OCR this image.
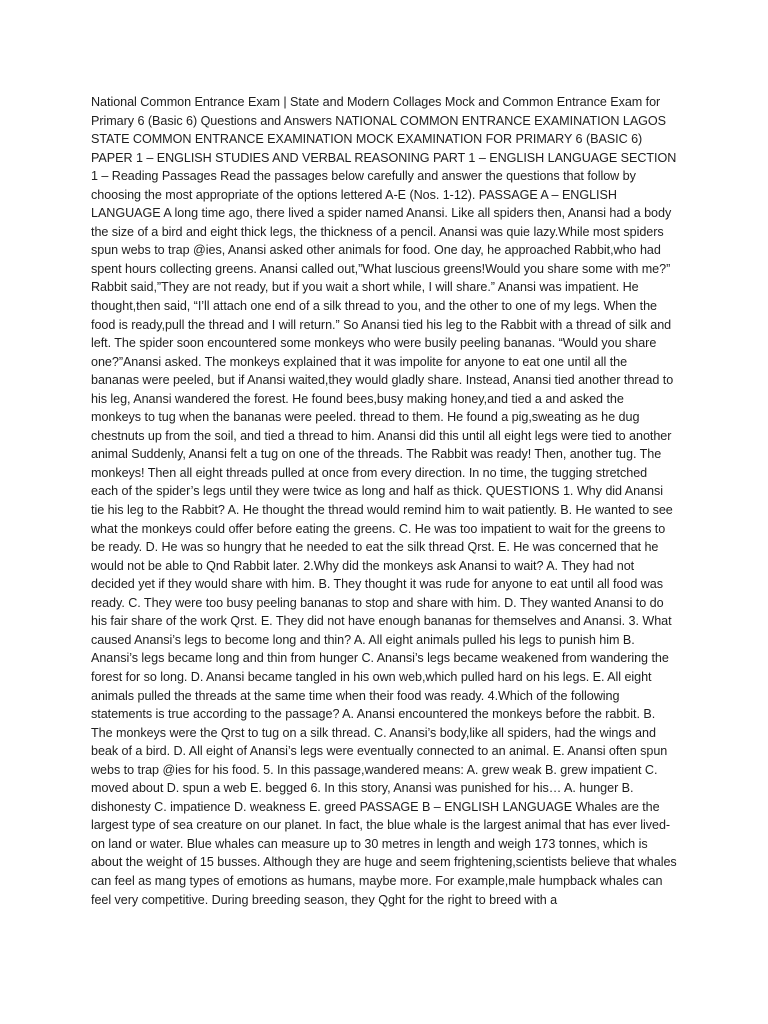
National Common Entrance Exam | State and Modern Collages Mock and Common Entrance Exam for Primary 6 (Basic 6) Questions and Answers NATIONAL COMMON ENTRANCE EXAMINATION LAGOS STATE COMMON ENTRANCE EXAMINATION MOCK EXAMINATION FOR PRIMARY 6 (BASIC 6) PAPER 1 – ENGLISH STUDIES AND VERBAL REASONING PART 1 – ENGLISH LANGUAGE SECTION 1 – Reading Passages Read the passages below carefully and answer the questions that follow by choosing the most appropriate of the options lettered A-E (Nos. 1-12). PASSAGE A – ENGLISH LANGUAGE A long time ago, there lived a spider named Anansi. Like all spiders then, Anansi had a body the size of a bird and eight thick legs, the thickness of a pencil. Anansi was quie lazy.While most spiders spun webs to trap @ies, Anansi asked other animals for food. One day, he approached Rabbit,who had spent hours collecting greens. Anansi called out,”What luscious greens!Would you share some with me?” Rabbit said,”They are not ready, but if you wait a short while, I will share.” Anansi was impatient. He thought,then said, “I’ll attach one end of a silk thread to you, and the other to one of my legs. When the food is ready,pull the thread and I will return.” So Anansi tied his leg to the Rabbit with a thread of silk and left. The spider soon encountered some monkeys who were busily peeling bananas. “Would you share one?”Anansi asked. The monkeys explained that it was impolite for anyone to eat one until all the bananas were peeled, but if Anansi waited,they would gladly share. Instead, Anansi tied another thread to his leg, Anansi wandered the forest. He found bees,busy making honey,and tied a and asked the monkeys to tug when the bananas were peeled. thread to them. He found a pig,sweating as he dug chestnuts up from the soil, and tied a thread to him. Anansi did this until all eight legs were tied to another animal Suddenly, Anansi felt a tug on one of the threads. The Rabbit was ready! Then, another tug. The monkeys! Then all eight threads pulled at once from every direction. In no time, the tugging stretched each of the spider’s legs until they were twice as long and half as thick. QUESTIONS 1. Why did Anansi tie his leg to the Rabbit? A. He thought the thread would remind him to wait patiently. B. He wanted to see what the monkeys could offer before eating the greens. C. He was too impatient to wait for the greens to be ready. D. He was so hungry that he needed to eat the silk thread Qrst. E. He was concerned that he would not be able to Qnd Rabbit later. 2.Why did the monkeys ask Anansi to wait? A. They had not decided yet if they would share with him. B. They thought it was rude for anyone to eat until all food was ready. C. They were too busy peeling bananas to stop and share with him. D. They wanted Anansi to do his fair share of the work Qrst. E. They did not have enough bananas for themselves and Anansi. 3. What caused Anansi’s legs to become long and thin? A. All eight animals pulled his legs to punish him B. Anansi’s legs became long and thin from hunger C. Anansi’s legs became weakened from wandering the forest for so long. D. Anansi became tangled in his own web,which pulled hard on his legs. E. All eight animals pulled the threads at the same time when their food was ready. 4.Which of the following statements is true according to the passage? A. Anansi encountered the monkeys before the rabbit. B. The monkeys were the Qrst to tug on a silk thread. C. Anansi’s body,like all spiders, had the wings and beak of a bird. D. All eight of Anansi’s legs were eventually connected to an animal. E. Anansi often spun webs to trap @ies for his food. 5. In this passage,wandered means: A. grew weak B. grew impatient C. moved about D. spun a web E. begged 6. In this story, Anansi was punished for his… A. hunger B. dishonesty C. impatience D. weakness E. greed PASSAGE B – ENGLISH LANGUAGE Whales are the largest type of sea creature on our planet. In fact, the blue whale is the largest animal that has ever lived-on land or water. Blue whales can measure up to 30 metres in length and weigh 173 tonnes, which is about the weight of 15 busses. Although they are huge and seem frightening,scientists believe that whales can feel as mang types of emotions as humans, maybe more. For example,male humpback whales can feel very competitive. During breeding season, they Qght for the right to breed with a
